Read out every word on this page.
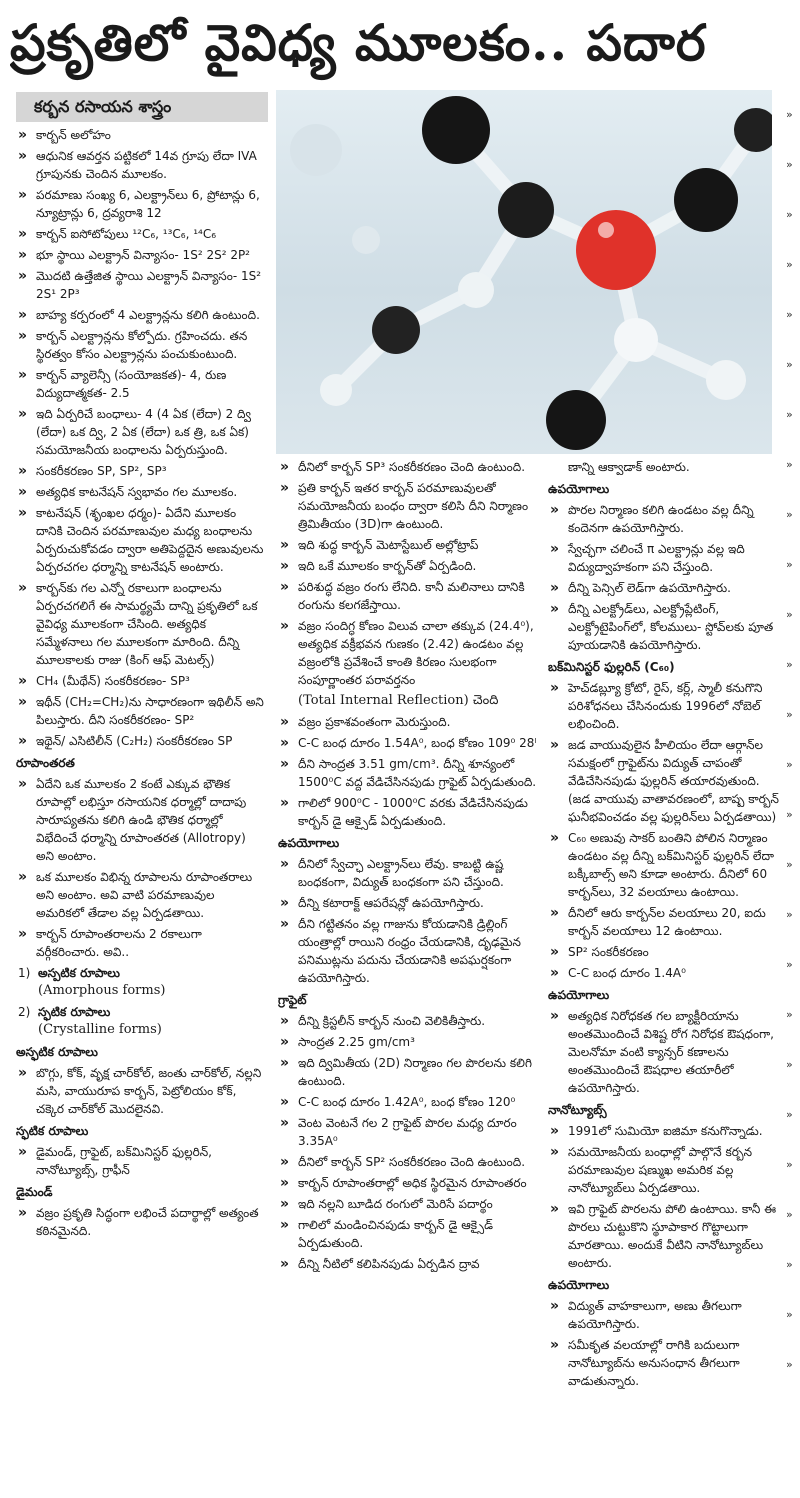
ప్రకృతిలో వైవిధ్య మూలకం.. పదార
కర్బన రసాయన శాస్త్రం
» కార్బన్ అలోహం
» ఆధునిక ఆవర్తన పట్టికలో 14వ గ్రూపు లేదా IVA గ్రూపునకు చెందిన మూలకం.
» పరమాణు సంఖ్య 6, ఎలక్ట్రాన్‌లు 6, ప్రోటాన్లు 6, న్యూట్రాన్లు 6, ద్రవ్యరాశి 12
» కార్బన్ ఐసోటోపులు ¹²C₆, ¹³C₆, ¹⁴C₆
» భూ స్థాయి ఎలక్ట్రాన్ విన్యాసం- 1S² 2S² 2P²
» మొదటి ఉత్తేజిత స్థాయి ఎలక్ట్రాన్ విన్యాసం- 1S² 2S¹ 2P³
» బాహ్య కర్పరంలో 4 ఎలక్ట్రాన్లను కలిగి ఉంటుంది.
» కార్బన్ ఎలక్ట్రాన్లను కోల్పోదు. గ్రహించదు. తన స్థిరత్వం కోసం ఎలక్ట్రాన్లను పంచుకుంటుంది.
» కార్బన్ వ్యాలెన్సీ (సంయోజకత)- 4, రుణ విద్యుదాత్మకత- 2.5
» ఇది ఏర్పరిచే బంధాలు- 4 (4 ఏక (లేదా) 2 ద్వి (లేదా) ఒక ద్వి, 2 ఏక (లేదా) ఒక త్రి, ఒక ఏక) సమయోజనీయ బంధాలను ఏర్పరుస్తుంది.
» సంకరీకరణం SP, SP², SP³
» అత్యధిక కాటనేషన్ స్వభావం గల మూలకం.
» కాటనేషన్ (శృంఖల ధర్మం)- ఏదేని మూలకం దానికి చెందిన పరమాణువుల మధ్య బంధాలను ఏర్పరుచుకోవడం ద్వారా అతిపెద్దదైన అణువులను ఏర్పరచగల ధర్మాన్ని కాటనేషన్ అంటారు.
» కార్బన్‌కు గల ఎన్నో రకాలుగా బంధాలను ఏర్పరచగలిగే ఈ సామర్థ్యమే దాన్ని ప్రకృతిలో ఒక వైవిధ్య మూలకంగా చేసింది. అత్యధిక సమ్మేళనాలు గల మూలకంగా మారింది. దీన్ని మూలకాలకు రాజు (కింగ్ ఆఫ్ మెటల్స్)
» CH₄ (మీథేన్) సంకరీకరణం- SP³
» ఇథీన్ (CH₂=CH₂)ను సాధారణంగా ఇథిలీన్ అని పిలుస్తారు. దీని సంకరీకరణం- SP²
» ఇథైన్/ ఎసిటిలీన్ (C₂H₂) సంకరీకరణం SP
రూపాంతరత
» ఏదేని ఒక మూలకం 2 కంటే ఎక్కువ భౌతిక రూపాల్లో లభిస్తూ రసాయనిక ధర్మాల్లో దాదాపు సారూప్యతను కలిగి ఉండి భౌతిక ధర్మాల్లో విభేదించే ధర్మాన్ని రూపాంతరత (Allotropy) అని అంటాం.
» ఒక మూలకం విభిన్న రూపాలను రూపాంతరాలు అని అంటాం. అవి వాటి పరమాణువుల అమరికలో తేడాల వల్ల ఏర్పడతాయి.
» కార్బన్ రూపాంతరాలను 2 రకాలుగా వర్గీకరించారు. అవి..
1) అస్పటిక రూపాలు
(Amorphous forms)
2) స్ఫటిక రూపాలు
(Crystalline forms)
అస్ఫటిక రూపాలు
» బొగ్గు, కోక్, వృక్ష చార్‌కోల్, జంతు చార్‌కోల్, నల్లని మసి, వాయురూప కార్బన్, పెట్రోలియం కోక్, చక్కెర చార్‌కోల్ మొదలైనవి.
స్ఫటిక రూపాలు
» డైమండ్, గ్రాఫైట్, బక్‌మినిస్టర్ ఫుల్లరిన్, నానోట్యూబ్స్, గ్రాఫీన్
డైమండ్
» వజ్రం ప్రకృతి సిద్ధంగా లభించే పదార్థాల్లో అత్యంత కఠినమైనది.
» దీనిలో కార్బన్ SP³ సంకరీకరణం చెంది ఉంటుంది.
» ప్రతి కార్బన్ ఇతర కార్బన్ పరమాణువులతో సమయోజనీయ బంధం ద్వారా కలిసి దీని నిర్మాణం త్రిమితీయం (3D)గా ఉంటుంది.
» ఇది శుద్ధ కార్బన్ మెటాస్టేబుల్ అల్లోట్రాప్
» ఇది ఒకే మూలకం కార్బన్‌తో ఏర్పడింది.
» పరిశుద్ధ వజ్రం రంగు లేనిది. కానీ మలినాలు దానికి రంగును కలగజేస్తాయి.
» వజ్రం సందిగ్ధ కోణం విలువ చాలా తక్కువ (24.4⁰), అత్యధిక వక్రీభవన గుణకం (2.42) ఉండటం వల్ల వజ్రంలోకి ప్రవేశించే కాంతి కిరణం సులభంగా సంపూర్ణాంతర పరావర్తనం
(Total Internal Reflection) చెంది
» వజ్రం ప్రకాశవంతంగా మెరుస్తుంది.
» C-C బంధ దూరం 1.54A⁰, బంధ కోణం 109⁰ 28ˡ
» దీని సాంద్రత 3.51 gm/cm³. దీన్ని శూన్యంలో 1500⁰C వద్ద వేడిచేసినపుడు గ్రాఫైట్ ఏర్పడుతుంది.
» గాలిలో 900⁰C - 1000⁰C వరకు వేడిచేసినపుడు కార్బన్ డై ఆక్సైడ్ ఏర్పడుతుంది.
ఉపయోగాలు
» దీనిలో స్వేచ్ఛా ఎలక్ట్రాన్‌లు లేవు. కాబట్టి ఉష్ణ బంధకంగా, విద్యుత్ బంధకంగా పని చేస్తుంది.
» దీన్ని కటారాక్ట్ ఆపరేషన్లో ఉపయోగిస్తారు.
» దీని గట్టితనం వల్ల గాజును కోయడానికి డ్రిల్లింగ్ యంత్రాల్లో రాయిని రంధ్రం చేయడానికి, దృఢమైన పనిముట్లను పదును చేయడానికి అపఘర్షకంగా ఉపయోగిస్తారు.
గ్రాఫైట్
» దీన్ని క్రిస్టలీన్ కార్బన్ నుంచి వెలికితీస్తారు.
» సాంద్రత 2.25 gm/cm³
» ఇది ద్విమితీయ (2D) నిర్మాణం గల పొరలను కలిగి ఉంటుంది.
» C-C బంధ దూరం 1.42A⁰, బంధ కోణం 120⁰
» వెంట వెంటనే గల 2 గ్రాఫైట్ పొరల మధ్య దూరం 3.35A⁰
» దీనిలో కార్బన్ SP² సంకరీకరణం చెంది ఉంటుంది.
» కార్బన్ రూపాంతరాల్లో అధిక స్థిరమైన రూపాంతరం
» ఇది నల్లని బూడిద రంగులో మెరిసే పదార్థం
» గాలిలో మండించినపుడు కార్బన్ డై ఆక్సైడ్ ఏర్పడుతుంది.
» దీన్ని నీటిలో కలిపినపుడు ఏర్పడిన ద్రావ
ణాన్ని ఆక్వాడాక్ అంటారు.
ఉపయోగాలు
» పొరల నిర్మాణం కలిగి ఉండటం వల్ల దీన్ని కందెనగా ఉపయోగిస్తారు.
» స్వేచ్ఛగా చలించే π ఎలక్ట్రాన్లు వల్ల ఇది విద్యుద్వాహకంగా పని చేస్తుంది.
» దీన్ని పెన్సిల్ లెడ్‌గా ఉపయోగిస్తారు.
» దీన్ని ఎలక్ట్రోడ్‌లు, ఎలక్ట్రోప్లేటింగ్, ఎలక్ట్రోటైపింగ్‌లో, కోలములు- స్టోవ్‌లకు పూత పూయడానికి ఉపయోగిస్తారు.
బక్‌మినిస్టర్ ఫుల్లరిన్ (C₆₀)
» హెచ్‌డబ్ల్యూ క్రోటో, రైస్, కర్ల్, స్మాలీ కనుగొని పరిశోధనలు చేసినందుకు 1996లో నోబెల్ లభించింది.
» జడ వాయువులైన హీలియం లేదా ఆర్గాన్‌ల సమక్షంలో గ్రాఫైట్‌ను విద్యుత్ చాపంతో వేడిచేసినపుడు ఫుల్లరిన్ తయారవుతుంది. (జడ వాయువు వాతావరణంలో, బాష్ప కార్బన్ ఘనీభవించడం వల్ల ఫుల్లరిన్‌లు ఏర్పడతాయి)
» C₆₀ అణువు సాకర్ బంతిని పోలిన నిర్మాణం ఉండటం వల్ల దీన్ని బక్‌మినిస్టర్ ఫుల్లరిన్ లేదా బక్కీబాల్స్ అని కూడా అంటారు. దీనిలో 60 కార్బన్‌లు, 32 వలయాలు ఉంటాయి.
» దీనిలో ఆరు కార్బన్‌ల వలయాలు 20, ఐదు కార్బన్ వలయాలు 12 ఉంటాయి.
» SP² సంకరీకరణం
» C-C బంధ దూరం 1.4A⁰
ఉపయోగాలు
» అత్యధిక నిరోధకత గల బ్యాక్టీరియాను అంతమొందించే విశిష్ట రోగ నిరోధక ఔషధంగా, మెలనోమా వంటి క్యాన్సర్ కణాలను అంతమొందించే ఔషధాల తయారీలో ఉపయోగిస్తారు.
నానోట్యూబ్స్
» 1991లో సుమియో ఐజిమా కనుగొన్నాడు.
» సమయోజనీయ బంధాల్లో పాల్గొనే కర్బన పరమాణువుల షణ్ముఖ అమరిక వల్ల నానోట్యూబ్‌లు ఏర్పడతాయి.
» ఇవి గ్రాఫైట్ పొరలను పోలి ఉంటాయి. కానీ ఈ పొరలు చుట్టుకొని స్థూపాకార గొట్టాలుగా మారతాయి. అందుకే వీటిని నానోట్యూబ్‌లు అంటారు.
ఉపయోగాలు
» విద్యుత్ వాహకాలుగా, అణు తీగలుగా ఉపయోగిస్తారు.
» సమీకృత వలయాల్లో రాగికి బదులుగా నానోట్యూబ్‌ను అనుసంధాన తీగలుగా వాడుతున్నారు.
»
»
»
»
»
»
»
»
»
»
»
»
»
»
»
»
»
»
»
»
»
»
»
»
»
»
